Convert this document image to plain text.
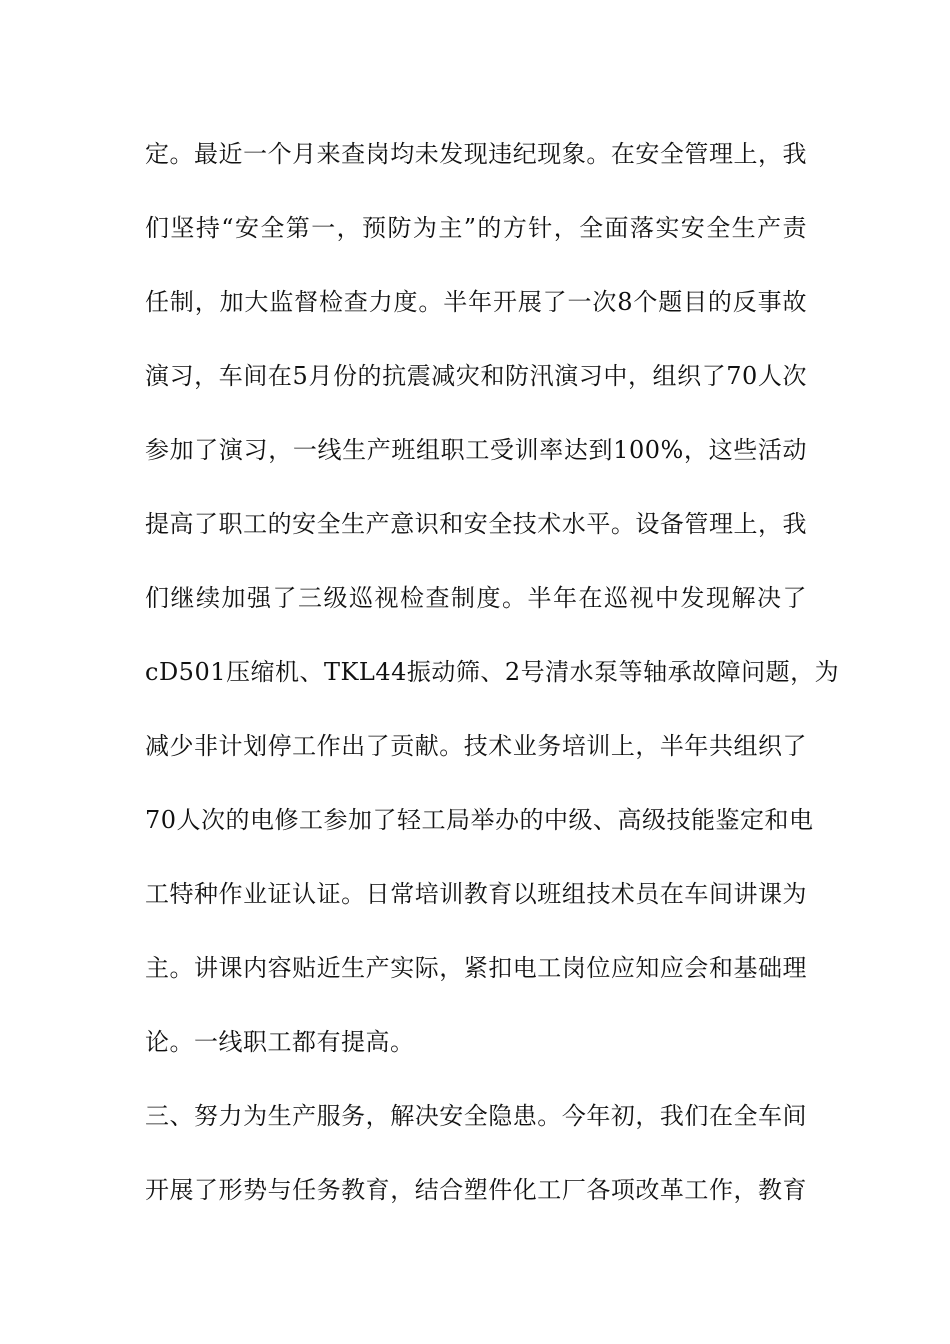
定。最近一个月来查岗均未发现违纪现象。在安全管理上，我
们坚持“安全第一，预防为主”的方针，全面落实安全生产责
任制，加大监督检查力度。半年开展了一次8个题目的反事故
演习，车间在5月份的抗震减灾和防汛演习中，组织了70人次
参加了演习，一线生产班组职工受训率达到100%，这些活动
提高了职工的安全生产意识和安全技术水平。设备管理上，我
们继续加强了三级巡视检查制度。半年在巡视中发现解决了
cD501压缩机、TKL44振动筛、2号清水泵等轴承故障问题，为
减少非计划停工作出了贡献。技术业务培训上，半年共组织了
70人次的电修工参加了轻工局举办的中级、高级技能鉴定和电
工特种作业证认证。日常培训教育以班组技术员在车间讲课为
主。讲课内容贴近生产实际，紧扣电工岗位应知应会和基础理
论。一线职工都有提高。
三、努力为生产服务，解决安全隐患。今年初，我们在全车间
开展了形势与任务教育，结合塑件化工厂各项改革工作，教育
